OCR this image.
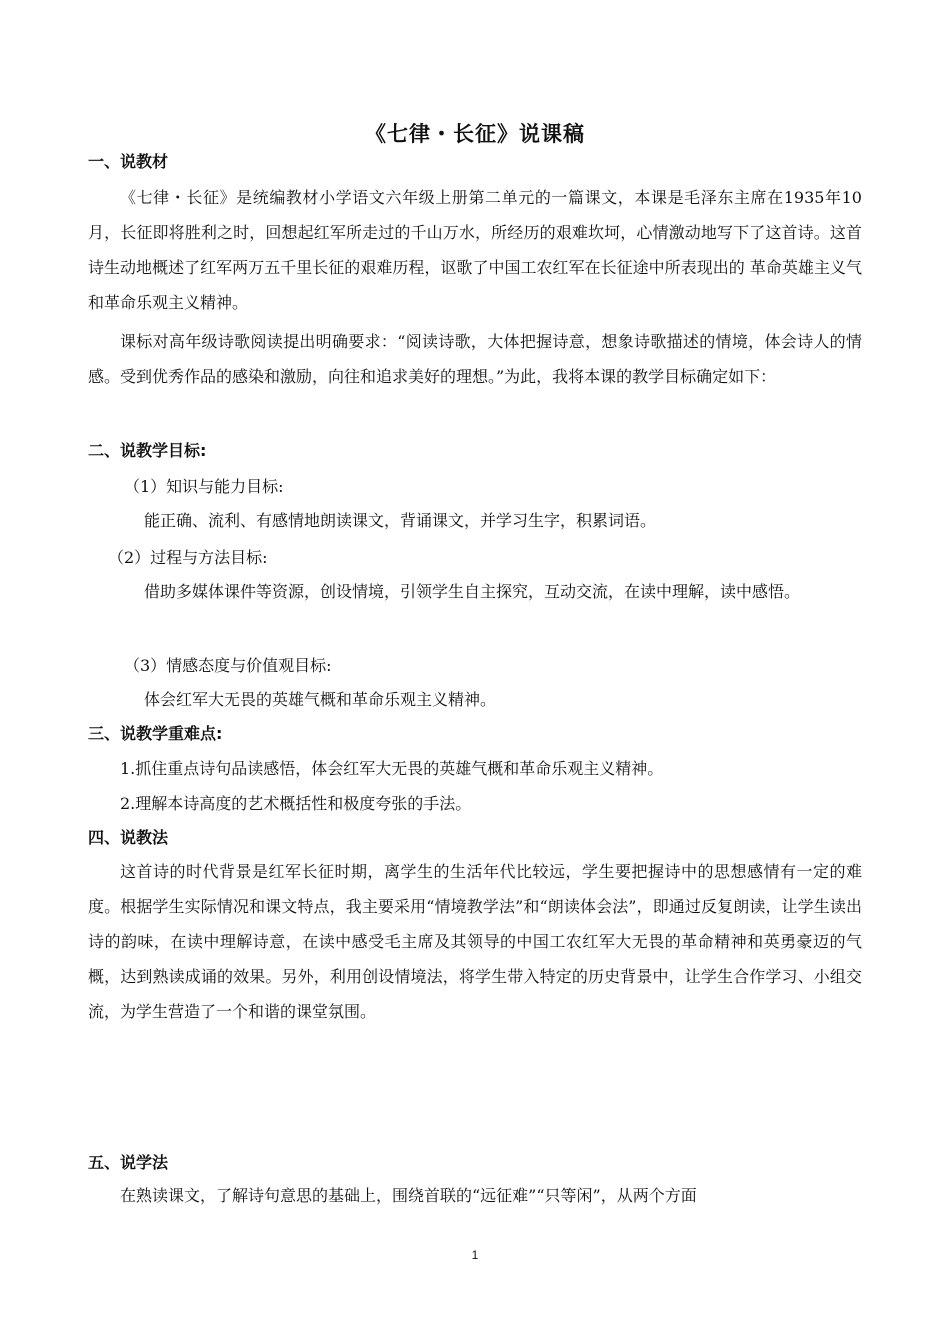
《七律・长征》说课稿
一、说教材
《七律・长征》是统编教材小学语文六年级上册第二单元的一篇课文，本课是毛泽东主席在1935年10月，长征即将胜利之时，回想起红军所走过的千山万水，所经历的艰难坎坷，心情激动地写下了这首诗。这首诗生动地概述了红军两万五千里长征的艰难历程，讴歌了中国工农红军在长征途中所表现出的 革命英雄主义气和革命乐观主义精神。
课标对高年级诗歌阅读提出明确要求：“阅读诗歌，大体把握诗意，想象诗歌描述的情境，体会诗人的情感。受到优秀作品的感染和激励，向往和追求美好的理想。”为此，我将本课的教学目标确定如下：
二、说教学目标:
（1）知识与能力目标:
能正确、流利、有感情地朗读课文，背诵课文，并学习生字，积累词语。
（2）过程与方法目标:
借助多媒体课件等资源，创设情境，引领学生自主探究，互动交流，在读中理解，读中感悟。
（3）情感态度与价值观目标:
体会红军大无畏的英雄气概和革命乐观主义精神。
三、说教学重难点:
1.抓住重点诗句品读感悟，体会红军大无畏的英雄气概和革命乐观主义精神。
2.理解本诗高度的艺术概括性和极度夸张的手法。
四、说教法
这首诗的时代背景是红军长征时期，离学生的生活年代比较远，学生要把握诗中的思想感情有一定的难度。根据学生实际情况和课文特点，我主要采用“情境教学法”和“朗读体会法”，即通过反复朗读，让学生读出诗的韵味，在读中理解诗意，在读中感受毛主席及其领导的中国工农红军大无畏的革命精神和英勇豪迈的气概，达到熟读成诵的效果。另外，利用创设情境法，将学生带入特定的历史背景中，让学生合作学习、小组交流，为学生营造了一个和谐的课堂氛围。
五、说学法
在熟读课文，了解诗句意思的基础上，围绕首联的“远征难”“只等闲”，从两个方面
1
